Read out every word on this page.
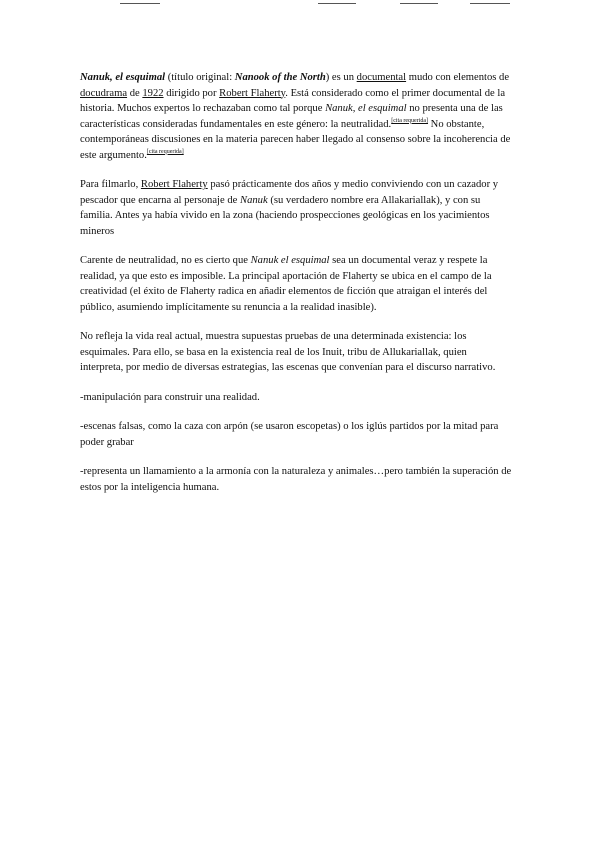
Nanuk, el esquimal (título original: Nanook of the North) es un documental mudo con elementos de docudrama de 1922 dirigido por Robert Flaherty. Está considerado como el primer documental de la historia. Muchos expertos lo rechazaban como tal porque Nanuk, el esquimal no presenta una de las características consideradas fundamentales en este género: la neutralidad.[cita requerida] No obstante, contemporáneas discusiones en la materia parecen haber llegado al consenso sobre la incoherencia de este argumento.[cita requerida]

Para filmarlo, Robert Flaherty pasó prácticamente dos años y medio conviviendo con un cazador y pescador que encarna al personaje de Nanuk (su verdadero nombre era Allakariallak), y con su familia. Antes ya había vivido en la zona (haciendo prospecciones geológicas en los yacimientos mineros

Carente de neutralidad, no es cierto que Nanuk el esquimal sea un documental veraz y respete la realidad, ya que esto es imposible. La principal aportación de Flaherty se ubica en el campo de la creatividad (el éxito de Flaherty radica en añadir elementos de ficción que atraigan el interés del público, asumiendo implícitamente su renuncia a la realidad inasible).

No refleja la vida real actual, muestra supuestas pruebas de una determinada existencia: los esquimales. Para ello, se basa en la existencia real de los Inuit, tribu de Allukariallak, quien interpreta, por medio de diversas estrategias, las escenas que convenían para el discurso narrativo.

-manipulación para construir una realidad.

-escenas falsas, como la caza con arpón (se usaron escopetas) o los iglús partidos por la mitad para poder grabar

-representa un llamamiento a la armonía con la naturaleza y animales…pero también la superación de estos por la inteligencia humana.
